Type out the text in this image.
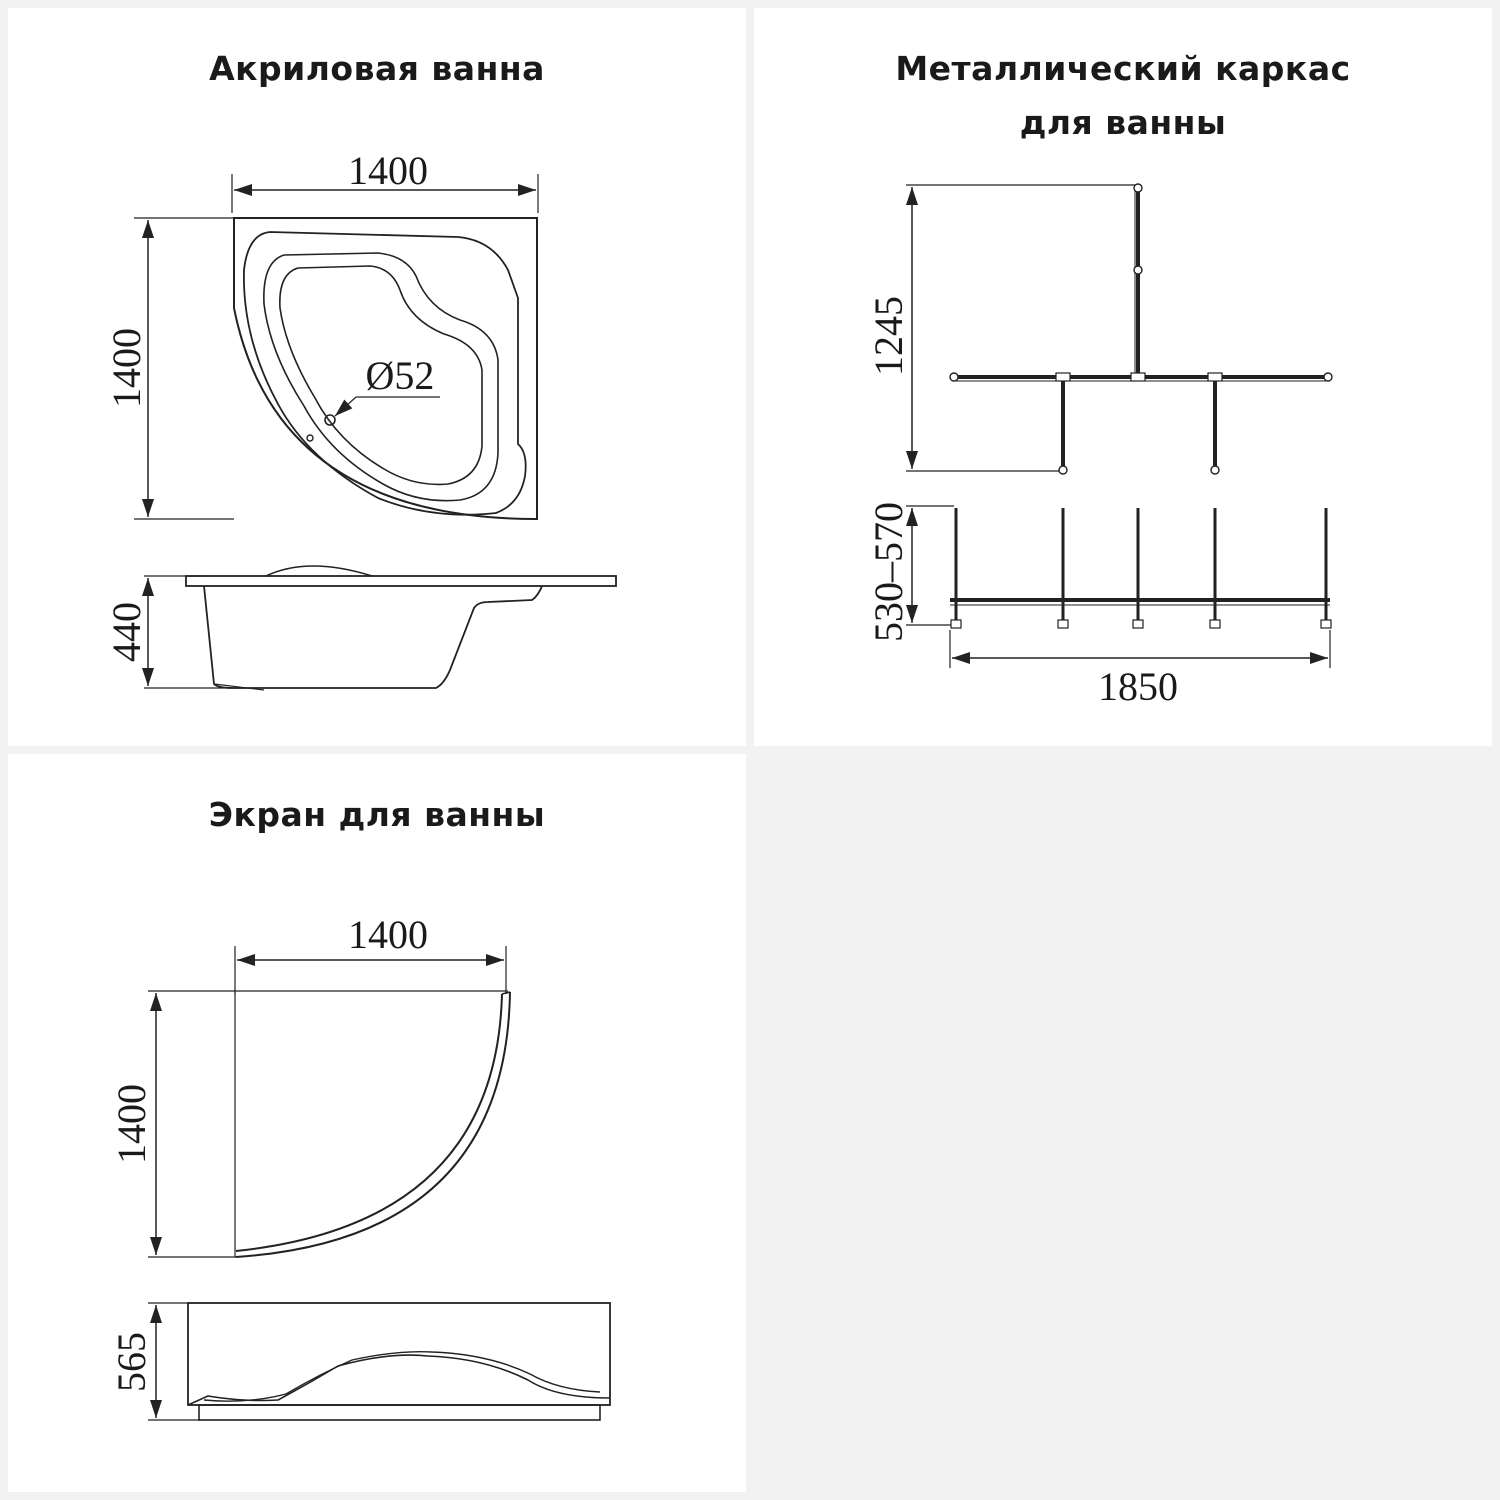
Акриловая ванна
1400
1400	Ø52
440
Металлический каркас
для ванны
1245
530–570
1850
Экран для ванны
1400
1400
565
